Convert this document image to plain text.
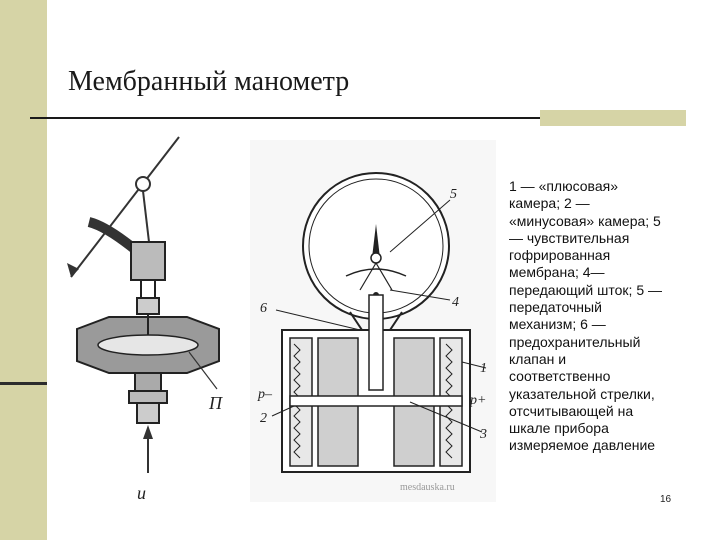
Мембранный манометр
П
u
5
6	4
1
р–	р+
2
3
mesdauska.ru

1 — «плюсовая»

камера; 2 —

«минусовая» камера; 5

— чувствительная

гофрированная

мембрана; 4—

передающий шток; 5 —

передаточный

механизм; 6 —

предохранительный

клапан и

соответственно

указательной стрелки,

отсчитывающей на

шкале прибора

измеряемое давление

16
